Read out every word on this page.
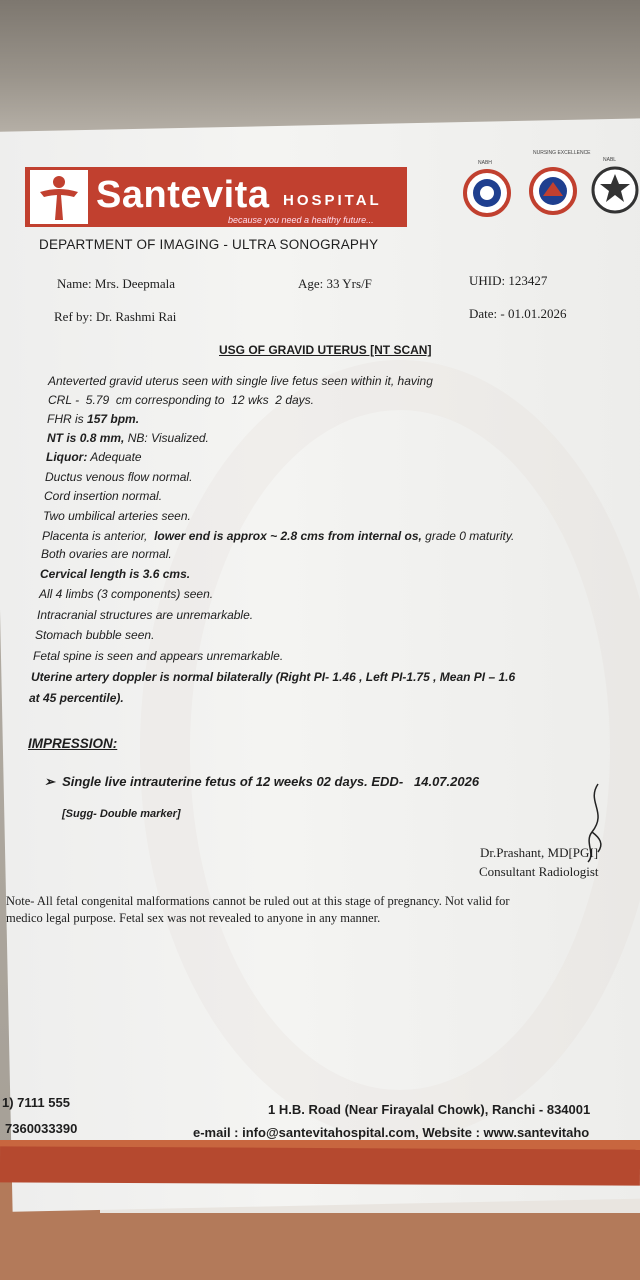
Santevita HOSPITAL
because you need a healthy future...
NABH
NURSING EXCELLENCE
NABL
DEPARTMENT OF IMAGING - ULTRA SONOGRAPHY
Name: Mrs. Deepmala	Age: 33 Yrs/F	UHID: 123427
Ref by: Dr. Rashmi Rai	Date: - 01.01.2026
USG OF GRAVID UTERUS [NT SCAN]
Anteverted gravid uterus seen with single live fetus seen within it, having
CRL - 5.79 cm corresponding to 12 wks 2 days.
FHR is 157 bpm.
NT is 0.8 mm, NB: Visualized.
Liquor: Adequate
Ductus venous flow normal.
Cord insertion normal.
Two umbilical arteries seen.
Placenta is anterior, lower end is approx ~ 2.8 cms from internal os, grade 0 maturity.
Both ovaries are normal.
Cervical length is 3.6 cms.
All 4 limbs (3 components) seen.
Intracranial structures are unremarkable.
Stomach bubble seen.
Fetal spine is seen and appears unremarkable.
Uterine artery doppler is normal bilaterally (Right PI- 1.46 , Left PI-1.75 , Mean PI – 1.6
at 45 percentile).
IMPRESSION:
➢ Single live intrauterine fetus of 12 weeks 02 days. EDD- 14.07.2026
[Sugg- Double marker]
Dr.Prashant, MD[PGI]
Consultant Radiologist
Note- All fetal congenital malformations cannot be ruled out at this stage of pregnancy. Not valid for
medico legal purpose. Fetal sex was not revealed to anyone in any manner.
1) 7111 555
7360033390
1 H.B. Road (Near Firayalal Chowk), Ranchi - 834001
e-mail : info@santevitahospital.com, Website : www.santevitaho
